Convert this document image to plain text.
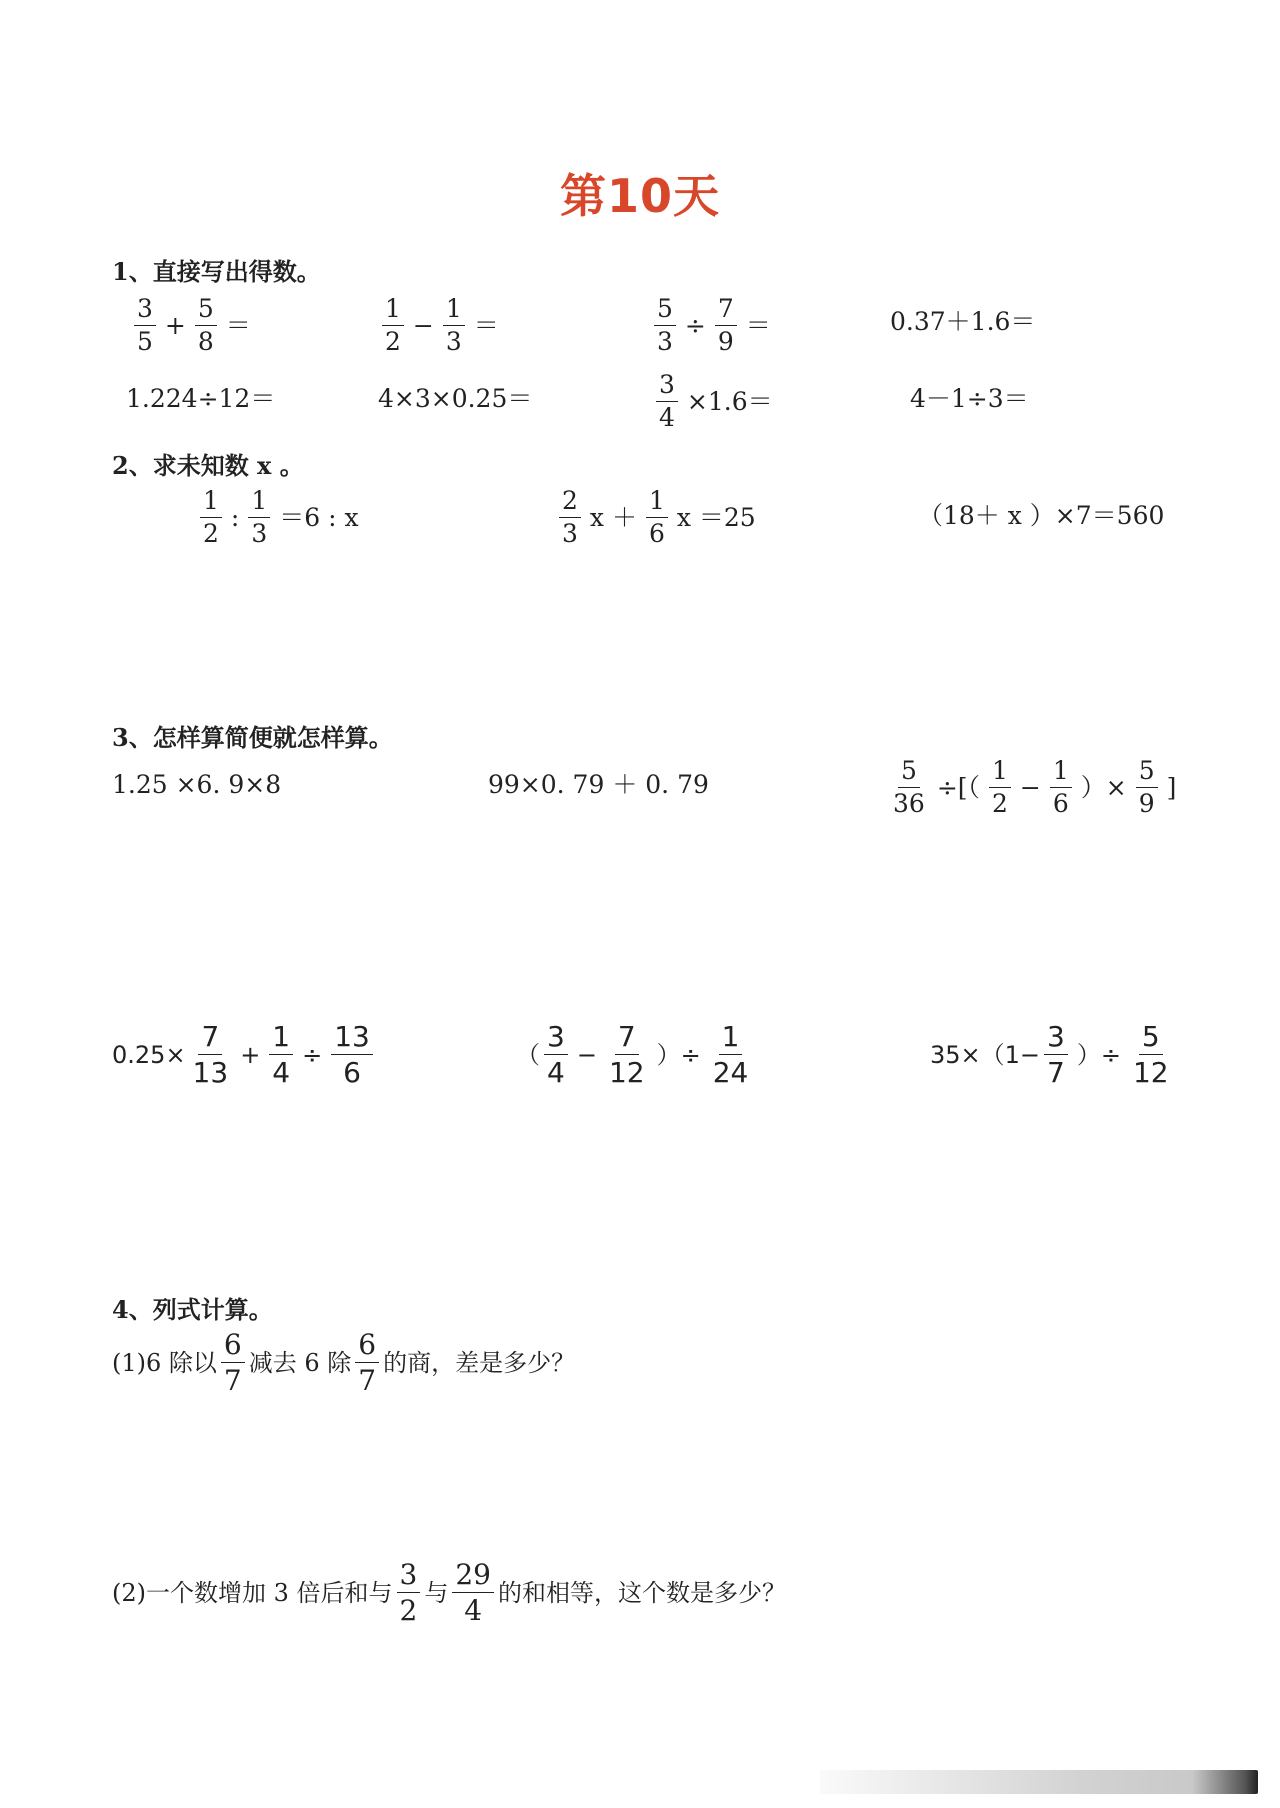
第10天
1、直接写出得数。
$\frac{3}{5} + \frac{5}{8}$ ＝	$\frac{1}{2} - \frac{1}{3}$ ＝	$\frac{5}{3} \div \frac{7}{9}$ ＝	0.37＋1.6＝
1.224÷12＝	4×3×0.25＝	$\frac{3}{4} \times 1.6=$	4－1÷3＝
2、求未知数 x 。
$\frac{1}{2}$ : $\frac{1}{3} =6$ : x	$\frac{2}{3}$ $x + \frac{1}{6}$ x ＝25	（18＋ x ）×7＝560
3、怎样算简便就怎样算。
1.25 ×6. 9×8	99×0. 79 ＋ 0. 79	$\frac{5}{36}$ ÷[（ $\frac{1}{2} - \frac{1}{6}$ ）× $\frac{5}{9}$ ]
$0.25\times \frac{7}{13} + \frac{1}{4} \div \frac{13}{6}$	（ $\frac{3}{4} - \frac{7}{12}$ ）÷ $\frac{1}{24}$	$35\times(1- \frac{3}{7}$ ）÷ $\frac{5}{12}$
4、列式计算。
(1)6 除以 $\frac{6}{7}$ 减去 6 除 $\frac{6}{7}$ 的商，差是多少？
(2)一个数增加 3 倍后和与 $\frac{3}{2}$ 与 $\frac{29}{4}$ 的和相等，这个数是多少？
